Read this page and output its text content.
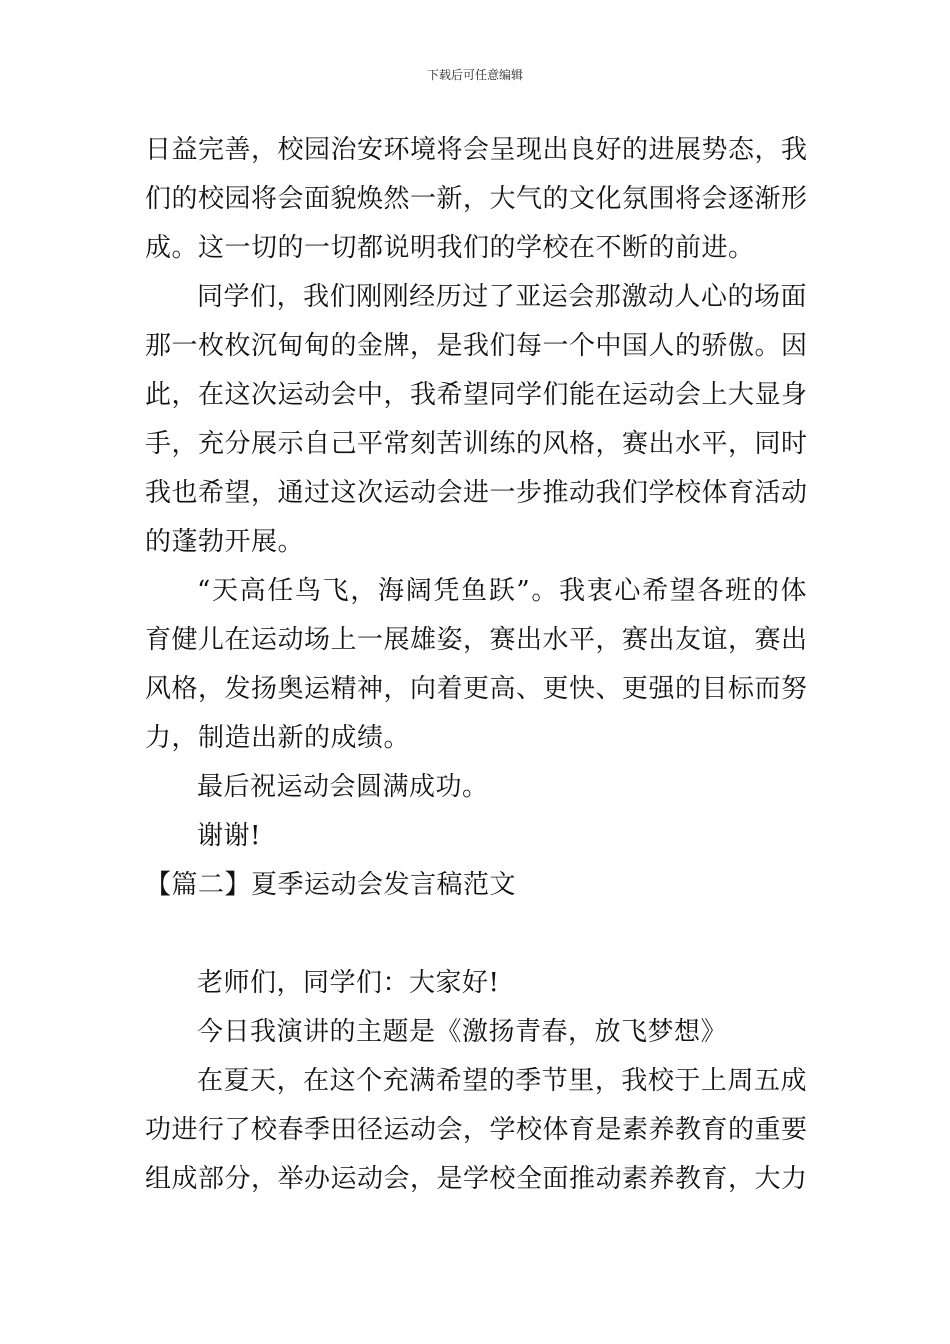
下载后可任意编辑
日益完善，校园治安环境将会呈现出良好的进展势态，我
们的校园将会面貌焕然一新，大气的文化氛围将会逐渐形
成。这一切的一切都说明我们的学校在不断的前进。
同学们，我们刚刚经历过了亚运会那激动人心的场面
那一枚枚沉甸甸的金牌，是我们每一个中国人的骄傲。因
此，在这次运动会中，我希望同学们能在运动会上大显身
手，充分展示自己平常刻苦训练的风格，赛出水平，同时
我也希望，通过这次运动会进一步推动我们学校体育活动
的蓬勃开展。
“天高任鸟飞，海阔凭鱼跃”。我衷心希望各班的体
育健儿在运动场上一展雄姿，赛出水平，赛出友谊，赛出
风格，发扬奥运精神，向着更高、更快、更强的目标而努
力，制造出新的成绩。
最后祝运动会圆满成功。
谢谢!
【篇二】夏季运动会发言稿范文
老师们，同学们：大家好!
今日我演讲的主题是《激扬青春，放飞梦想》
在夏天，在这个充满希望的季节里，我校于上周五成
功进行了校春季田径运动会，学校体育是素养教育的重要
组成部分，举办运动会，是学校全面推动素养教育，大力
